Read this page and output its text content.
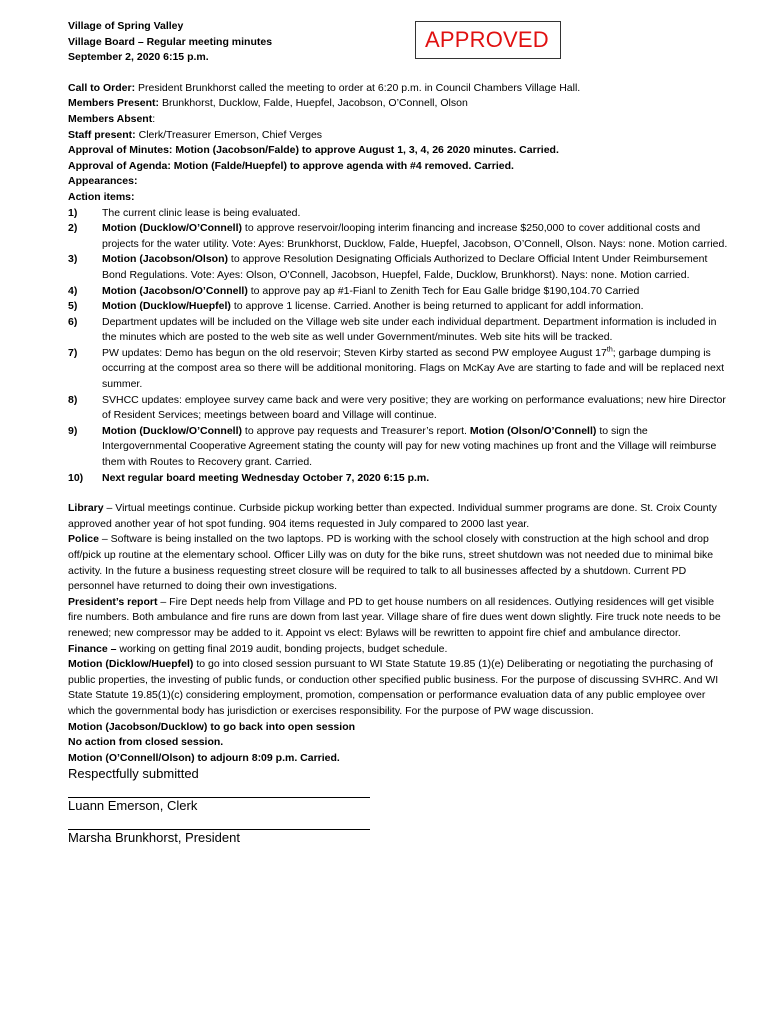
APPROVED
Village of Spring Valley
Village Board – Regular meeting minutes
September 2, 2020 6:15 p.m.
Call to Order: President Brunkhorst called the meeting to order at 6:20 p.m. in Council Chambers Village Hall.
Members Present: Brunkhorst, Ducklow, Falde, Huepfel, Jacobson, O’Connell, Olson
Members Absent:
Staff present: Clerk/Treasurer Emerson, Chief Verges
Approval of Minutes: Motion (Jacobson/Falde) to approve August 1, 3, 4, 26 2020 minutes. Carried.
Approval of Agenda: Motion (Falde/Huepfel) to approve agenda with #4 removed. Carried.
Appearances:
Action items:
1)	The current clinic lease is being evaluated.
2)	Motion (Ducklow/O’Connell) to approve reservoir/looping interim financing and increase $250,000 to cover additional costs and projects for the water utility. Vote: Ayes: Brunkhorst, Ducklow, Falde, Huepfel, Jacobson, O’Connell, Olson. Nays: none. Motion carried.
3)	Motion (Jacobson/Olson) to approve Resolution Designating Officials Authorized to Declare Official Intent Under Reimbursement Bond Regulations. Vote: Ayes: Olson, O’Connell, Jacobson, Huepfel, Falde, Ducklow, Brunkhorst). Nays: none. Motion carried.
4)	Motion (Jacobson/O’Connell) to approve pay ap #1-Fianl to Zenith Tech for Eau Galle bridge $190,104.70 Carried
5)	Motion (Ducklow/Huepfel) to approve 1 license. Carried. Another is being returned to applicant for addl information.
6)	Department updates will be included on the Village web site under each individual department. Department information is included in the minutes which are posted to the web site as well under Government/minutes. Web site hits will be tracked.
7)	PW updates: Demo has begun on the old reservoir; Steven Kirby started as second PW employee August 17th; garbage dumping is occurring at the compost area so there will be additional monitoring. Flags on McKay Ave are starting to fade and will be replaced next summer.
8)	SVHCC updates: employee survey came back and were very positive; they are working on performance evaluations; new hire Director of Resident Services; meetings between board and Village will continue.
9)	Motion (Ducklow/O’Connell) to approve pay requests and Treasurer’s report. Motion (Olson/O’Connell) to sign the Intergovernmental Cooperative Agreement stating the county will pay for new voting machines up front and the Village will reimburse them with Routes to Recovery grant. Carried.
10)	Next regular board meeting Wednesday October 7, 2020 6:15 p.m.
Library – Virtual meetings continue. Curbside pickup working better than expected. Individual summer programs are done. St. Croix County approved another year of hot spot funding. 904 items requested in July compared to 2000 last year.
Police – Software is being installed on the two laptops. PD is working with the school closely with construction at the high school and drop off/pick up routine at the elementary school. Officer Lilly was on duty for the bike runs, street shutdown was not needed due to minimal bike activity. In the future a business requesting street closure will be required to talk to all businesses affected by a shutdown. Current PD personnel have returned to doing their own investigations.
President’s report – Fire Dept needs help from Village and PD to get house numbers on all residences. Outlying residences will get visible fire numbers. Both ambulance and fire runs are down from last year. Village share of fire dues went down slightly. Fire truck note needs to be renewed; new compressor may be added to it. Appoint vs elect: Bylaws will be rewritten to appoint fire chief and ambulance director.
Finance – working on getting final 2019 audit, bonding projects, budget schedule.
Motion (Dicklow/Huepfel) to go into closed session pursuant to WI State Statute 19.85 (1)(e) Deliberating or negotiating the purchasing of public properties, the investing of public funds, or conduction other specified public business. For the purpose of discussing SVHRC. And WI State Statute 19.85(1)(c) considering employment, promotion, compensation or performance evaluation data of any public employee over which the governmental body has jurisdiction or exercises responsibility. For the purpose of PW wage discussion.
Motion (Jacobson/Ducklow) to go back into open session
No action from closed session.
Motion (O’Connell/Olson) to adjourn 8:09 p.m. Carried.
Respectfully submitted
Luann Emerson, Clerk
Marsha Brunkhorst, President
